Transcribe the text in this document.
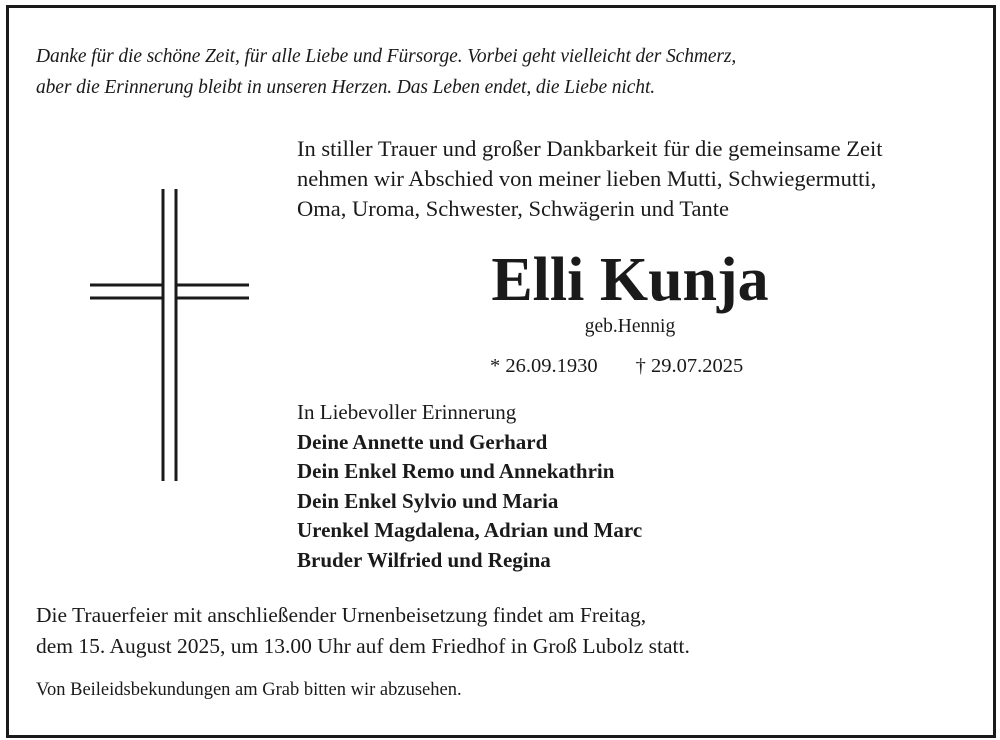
Danke für die schöne Zeit, für alle Liebe und Fürsorge. Vorbei geht vielleicht der Schmerz,
aber die Erinnerung bleibt in unseren Herzen. Das Leben endet, die Liebe nicht.
In stiller Trauer und großer Dankbarkeit für die gemeinsame Zeit
nehmen wir Abschied von meiner lieben Mutti, Schwiegermutti,
Oma, Uroma, Schwester, Schwägerin und Tante
Elli Kunja
geb.Hennig
* 26.09.1930 † 29.07.2025
In Liebevoller Erinnerung
Deine Annette und Gerhard
Dein Enkel Remo und Annekathrin
Dein Enkel Sylvio und Maria
Urenkel Magdalena, Adrian und Marc
Bruder Wilfried und Regina
Die Trauerfeier mit anschließender Urnenbeisetzung findet am Freitag,
dem 15. August 2025, um 13.00 Uhr auf dem Friedhof in Groß Lubolz statt.
Von Beileidsbekundungen am Grab bitten wir abzusehen.
